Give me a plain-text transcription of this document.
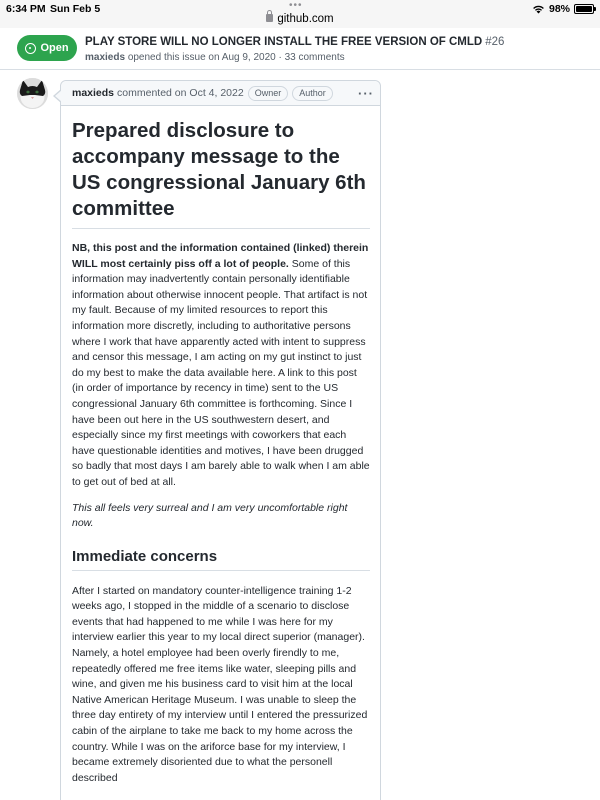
6:34 PM Sun Feb 5	•••
github.com
98%
Open PLAY STORE WILL NO LONGER INSTALL THE FREE VERSION OF CMLD #26
maxieds opened this issue on Aug 9, 2020 · 33 comments
maxieds commented on Oct 4, 2022	Owner	Author	···
Prepared disclosure to accompany message to the US congressional January 6th committee

NB, this post and the information contained (linked) therein WILL most certainly piss off a lot of people. Some of this information may inadvertently contain personally identifiable information about otherwise innocent people. That artifact is not my fault. Because of my limited resources to report this information more discretly, including to authoritative persons where I work that have apparently acted with intent to suppress and censor this message, I am acting on my gut instinct to just do my best to make the data available here. A link to this post (in order of importance by recency in time) sent to the US congressional January 6th committee is forthcoming. Since I have been out here in the US southwestern desert, and especially since my first meetings with coworkers that each have questionable identities and motives, I have been drugged so badly that most days I am barely able to walk when I am able to get out of bed at all.

This all feels very surreal and I am very uncomfortable right now.

Immediate concerns

After I started on mandatory counter-intelligence training 1-2 weeks ago, I stopped in the middle of a scenario to disclose events that had happened to me while I was here for my interview earlier this year to my local direct superior (manager). Namely, a hotel employee had been overly firendly to me, repeatedly offered me free items like water, sleeping pills and wine, and given me his business card to visit him at the local Native American Heritage Museum. I was unable to sleep the three day entirety of my interview until I entered the pressurized cabin of the airplane to take me back to my home across the country. While I was on the ariforce base for my interview, I became extremely disoriented due to what the personell described
